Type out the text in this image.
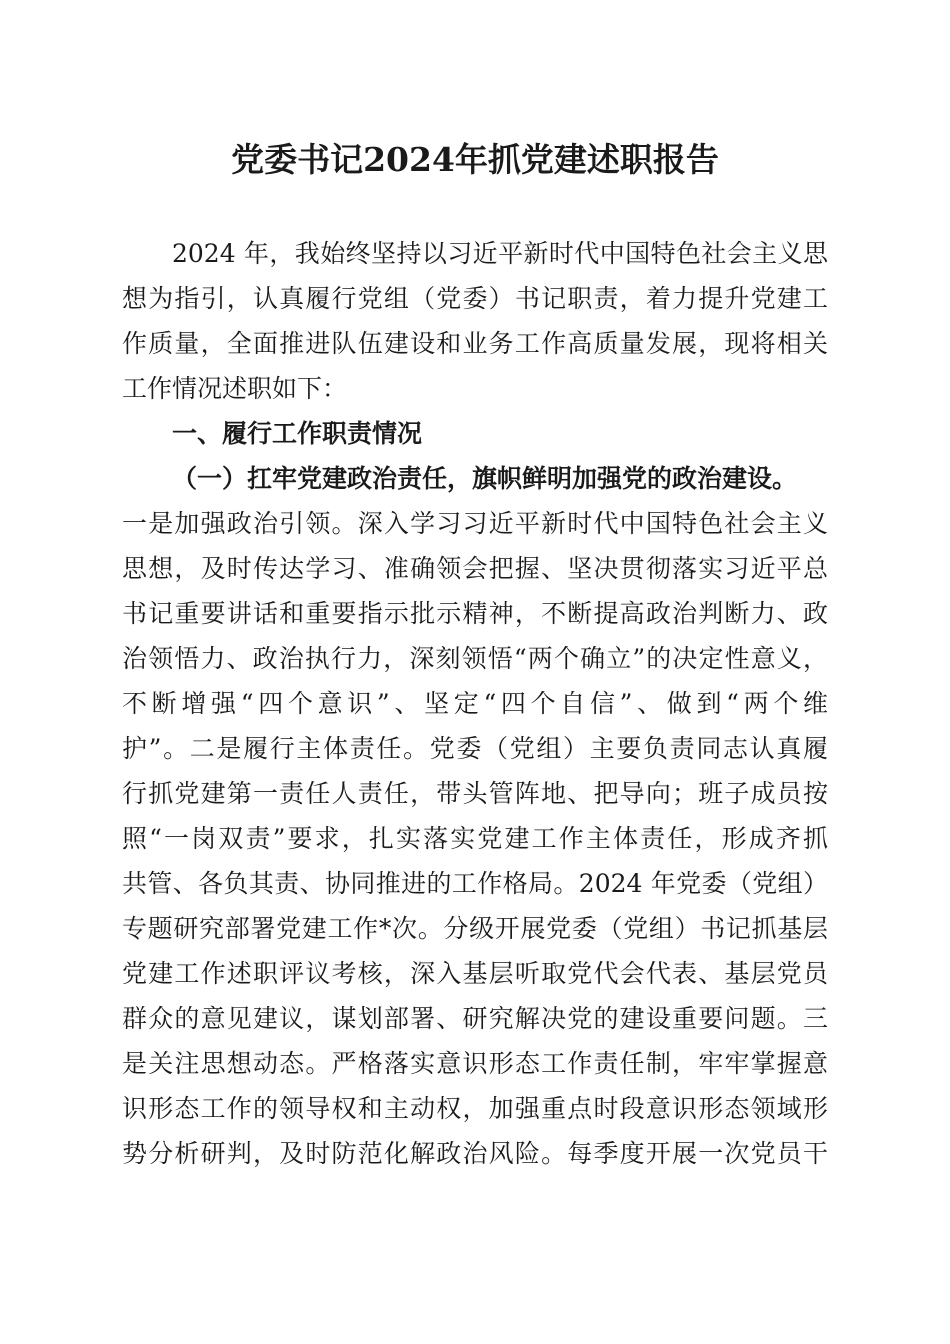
党委书记2024年抓党建述职报告
2024 年，我始终坚持以习近平新时代中国特色社会主义思
想为指引，认真履行党组（党委）书记职责，着力提升党建工
作质量，全面推进队伍建设和业务工作高质量发展，现将相关
工作情况述职如下：
一、履行工作职责情况
（一）扛牢党建政治责任，旗帜鲜明加强党的政治建设。
一是加强政治引领。深入学习习近平新时代中国特色社会主义
思想，及时传达学习、准确领会把握、坚决贯彻落实习近平总
书记重要讲话和重要指示批示精神，不断提高政治判断力、政
治领悟力、政治执行力，深刻领悟“两个确立”的决定性意义，
不断增强“四个意识”、坚定“四个自信”、做到“两个维
护”。二是履行主体责任。党委（党组）主要负责同志认真履
行抓党建第一责任人责任，带头管阵地、把导向；班子成员按
照“一岗双责”要求，扎实落实党建工作主体责任，形成齐抓
共管、各负其责、协同推进的工作格局。2024 年党委（党组）
专题研究部署党建工作*次。分级开展党委（党组）书记抓基层
党建工作述职评议考核，深入基层听取党代会代表、基层党员
群众的意见建议，谋划部署、研究解决党的建设重要问题。三
是关注思想动态。严格落实意识形态工作责任制，牢牢掌握意
识形态工作的领导权和主动权，加强重点时段意识形态领域形
势分析研判，及时防范化解政治风险。每季度开展一次党员干
